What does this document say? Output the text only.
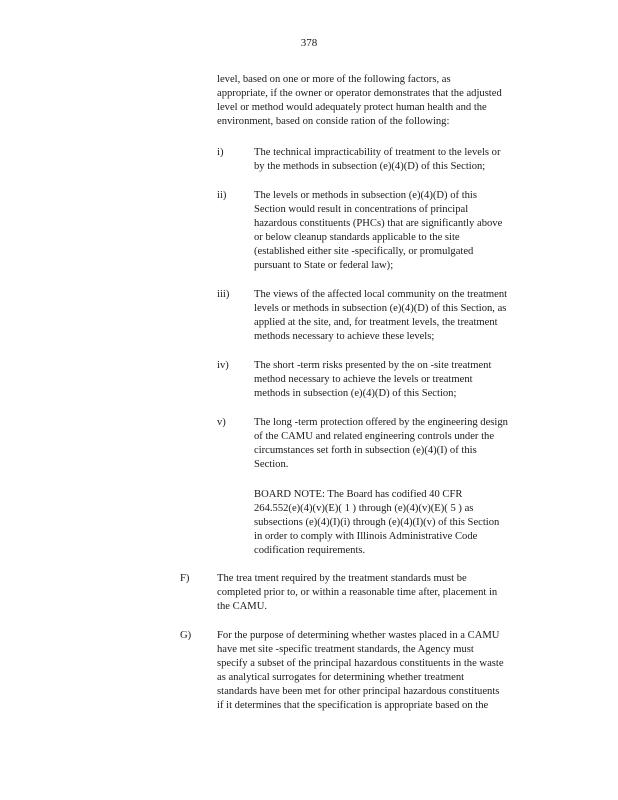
378
level, based on one or more of the following factors, as
appropriate, if the owner or operator demonstrates that the adjusted
level or method would adequately protect human health and the
environment, based on conside ration of the following:
i)	The technical impracticability of treatment to the levels or
by the methods in subsection (e)(4)(D) of this Section;
ii)	The levels or methods in subsection (e)(4)(D) of this
Section would result in concentrations of principal
hazardous constituents (PHCs) that are significantly above
or below cleanup standards applicable to the site
(established either site -specifically, or promulgated
pursuant to State or federal law);
iii) The views of the affected local community on the treatment
levels or methods in subsection (e)(4)(D) of this Section, as
applied at the site, and, for treatment levels, the treatment
methods necessary to achieve these levels;
iv) The short -term risks presented by the on -site treatment
method necessary to achieve the levels or treatment
methods in subsection (e)(4)(D) of this Section;
v)	The long -term protection offered by the engineering design
of the CAMU and related engineering controls under the
circumstances set forth in subsection (e)(4)(I) of this
Section.
BOARD NOTE: The Board has codified 40 CFR
264.552(e)(4)(v)(E)( 1 ) through (e)(4)(v)(E)( 5 ) as
subsections (e)(4)(I)(i) through (e)(4)(I)(v) of this Section
in order to comply with Illinois Administrative Code
codification requirements.
F)	The trea tment required by the treatment standards must be
completed prior to, or within a reasonable time after, placement in
the CAMU.
G) For the purpose of determining whether wastes placed in a CAMU
have met site -specific treatment standards, the Agency must
specify a subset of the principal hazardous constituents in the waste
as analytical surrogates for determining whether treatment
standards have been met for other principal hazardous constituents
if it determines that the specification is appropriate based on the
